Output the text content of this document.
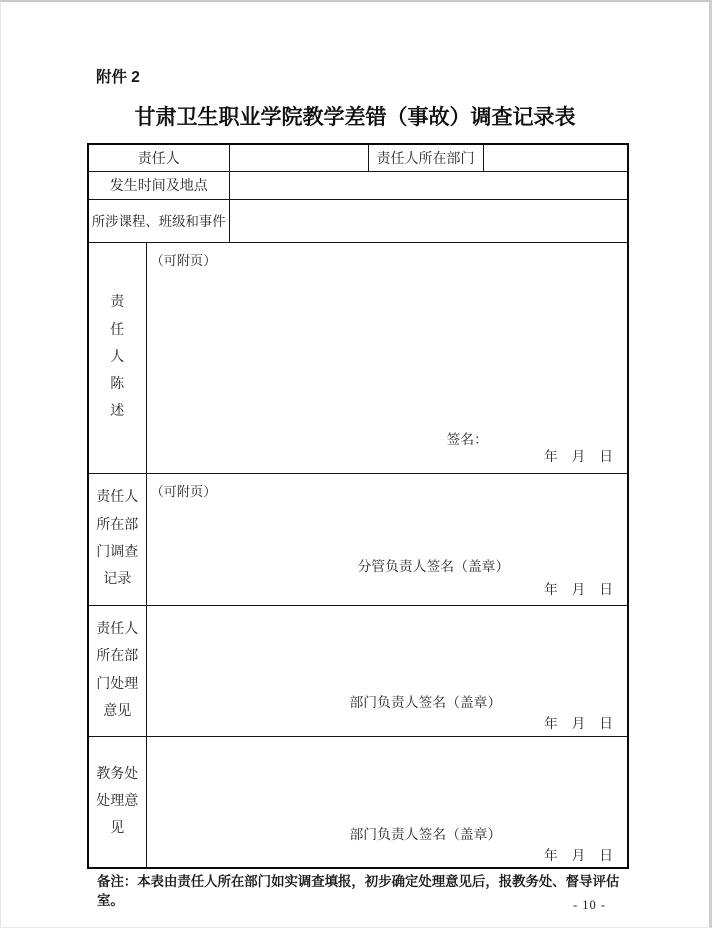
附件 2
甘肃卫生职业学院教学差错（事故）调查记录表
责任人			责任人所在部门	
发生时间及地点				
所涉课程、班级和事件				
责任人陈述	（可附页）
签名：
年　月　日			

责任人所在部门调查记录	（可附页）
分管负责人签名（盖章）
年　月　日			

责任人所在部门处理意见	部门负责人签名（盖章）
年　月　日			

教务处处理意见	部门负责人签名（盖章）
年　月　日			
备注：本表由责任人所在部门如实调查填报，初步确定处理意见后，报教务处、督导评估室。	- 10 -
